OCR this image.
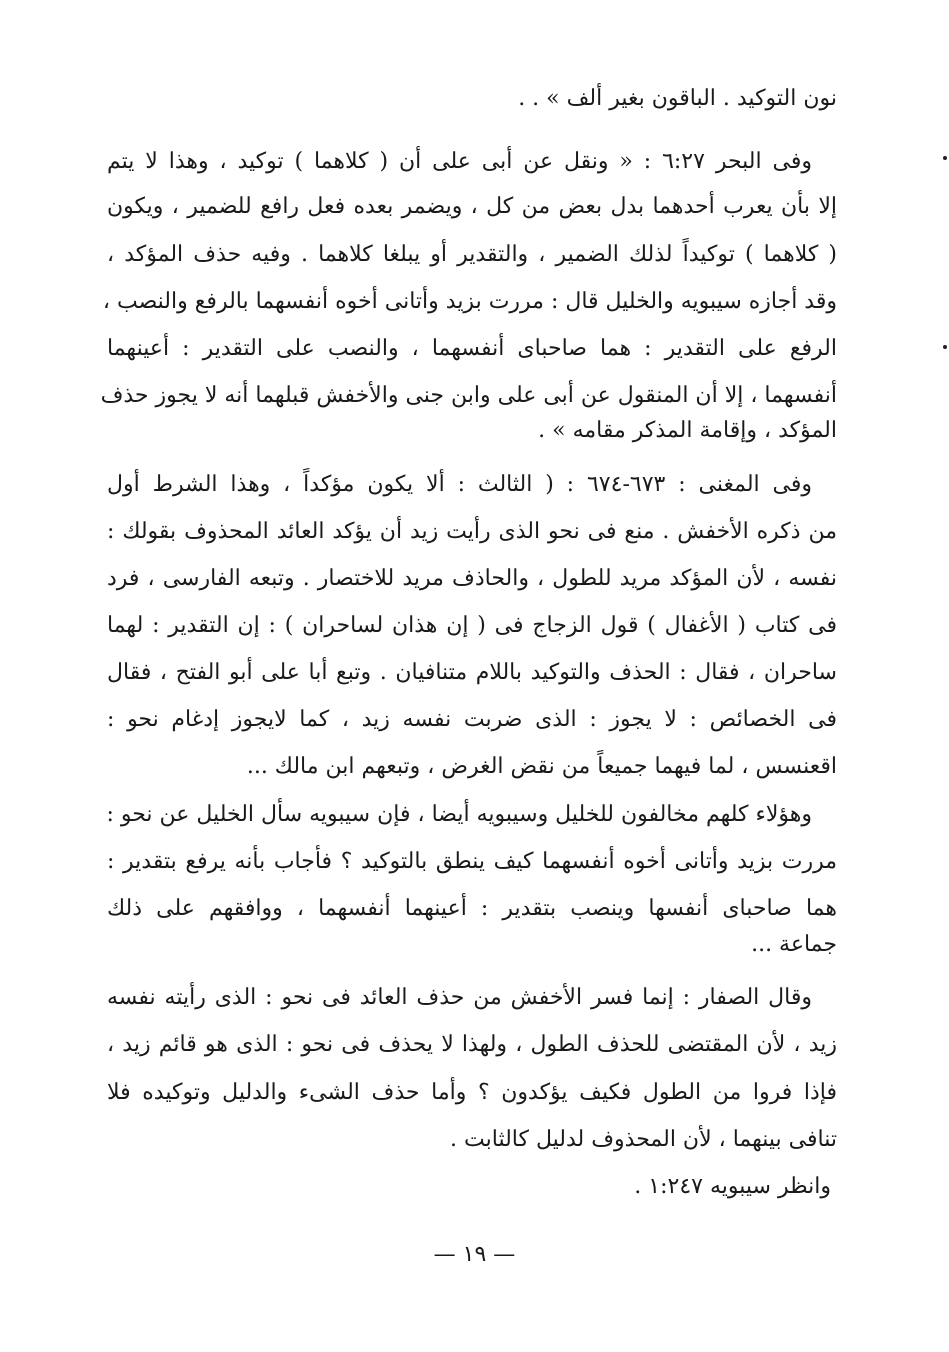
نون التوكيد . الباقون بغير ألف » . .
وفى البحر ٦:٢٧ : « ونقل عن أبى على أن ( كلاهما ) توكيد ، وهذا لا يتم
إلا بأن يعرب أحدهما بدل بعض من كل ، ويضمر بعده فعل رافع للضمير ، ويكون
( كلاهما ) توكيداً لذلك الضمير ، والتقدير أو يبلغا كلاهما . وفيه حذف المؤكد ،
وقد أجازه سيبويه والخليل قال : مررت بزيد وأتانى أخوه أنفسهما بالرفع والنصب ،
الرفع على التقدير : هما صاحباى أنفسهما ، والنصب على التقدير : أعينهما
أنفسهما ، إلا أن المنقول عن أبى على وابن جنى والأخفش قبلهما أنه لا يجوز حذف
المؤكد ، وإقامة المذكر مقامه » .
وفى المغنى : ٦٧٣-٦٧٤ : ( الثالث : ألا يكون مؤكداً ، وهذا الشرط أول
من ذكره الأخفش . منع فى نحو الذى رأيت زيد أن يؤكد العائد المحذوف بقولك :
نفسه ، لأن المؤكد مريد للطول ، والحاذف مريد للاختصار . وتبعه الفارسى ، فرد
فى كتاب ( الأغفال ) قول الزجاج فى ( إن هذان لساحران ) : إن التقدير : لهما
ساحران ، فقال : الحذف والتوكيد باللام متنافيان . وتبع أبا على أبو الفتح ، فقال
فى الخصائص : لا يجوز : الذى ضربت نفسه زيد ، كما لايجوز إدغام نحو :
اقعنسس ، لما فيهما جميعاً من نقض الغرض ، وتبعهم ابن مالك ...
وهؤلاء كلهم مخالفون للخليل وسيبويه أيضا ، فإن سيبويه سأل الخليل عن نحو :
مررت بزيد وأتانى أخوه أنفسهما كيف ينطق بالتوكيد ؟ فأجاب بأنه يرفع بتقدير :
هما صاحباى أنفسها وينصب بتقدير : أعينهما أنفسهما ، ووافقهم على ذلك
جماعة ...
وقال الصفار : إنما فسر الأخفش من حذف العائد فى نحو : الذى رأيته نفسه
زيد ، لأن المقتضى للحذف الطول ، ولهذا لا يحذف فى نحو : الذى هو قائم زيد ،
فإذا فروا من الطول فكيف يؤكدون ؟ وأما حذف الشىء والدليل وتوكيده فلا
تنافى بينهما ، لأن المحذوف لدليل كالثابت .
وانظر سيبويه ١:٢٤٧ .
— ١٩ —
